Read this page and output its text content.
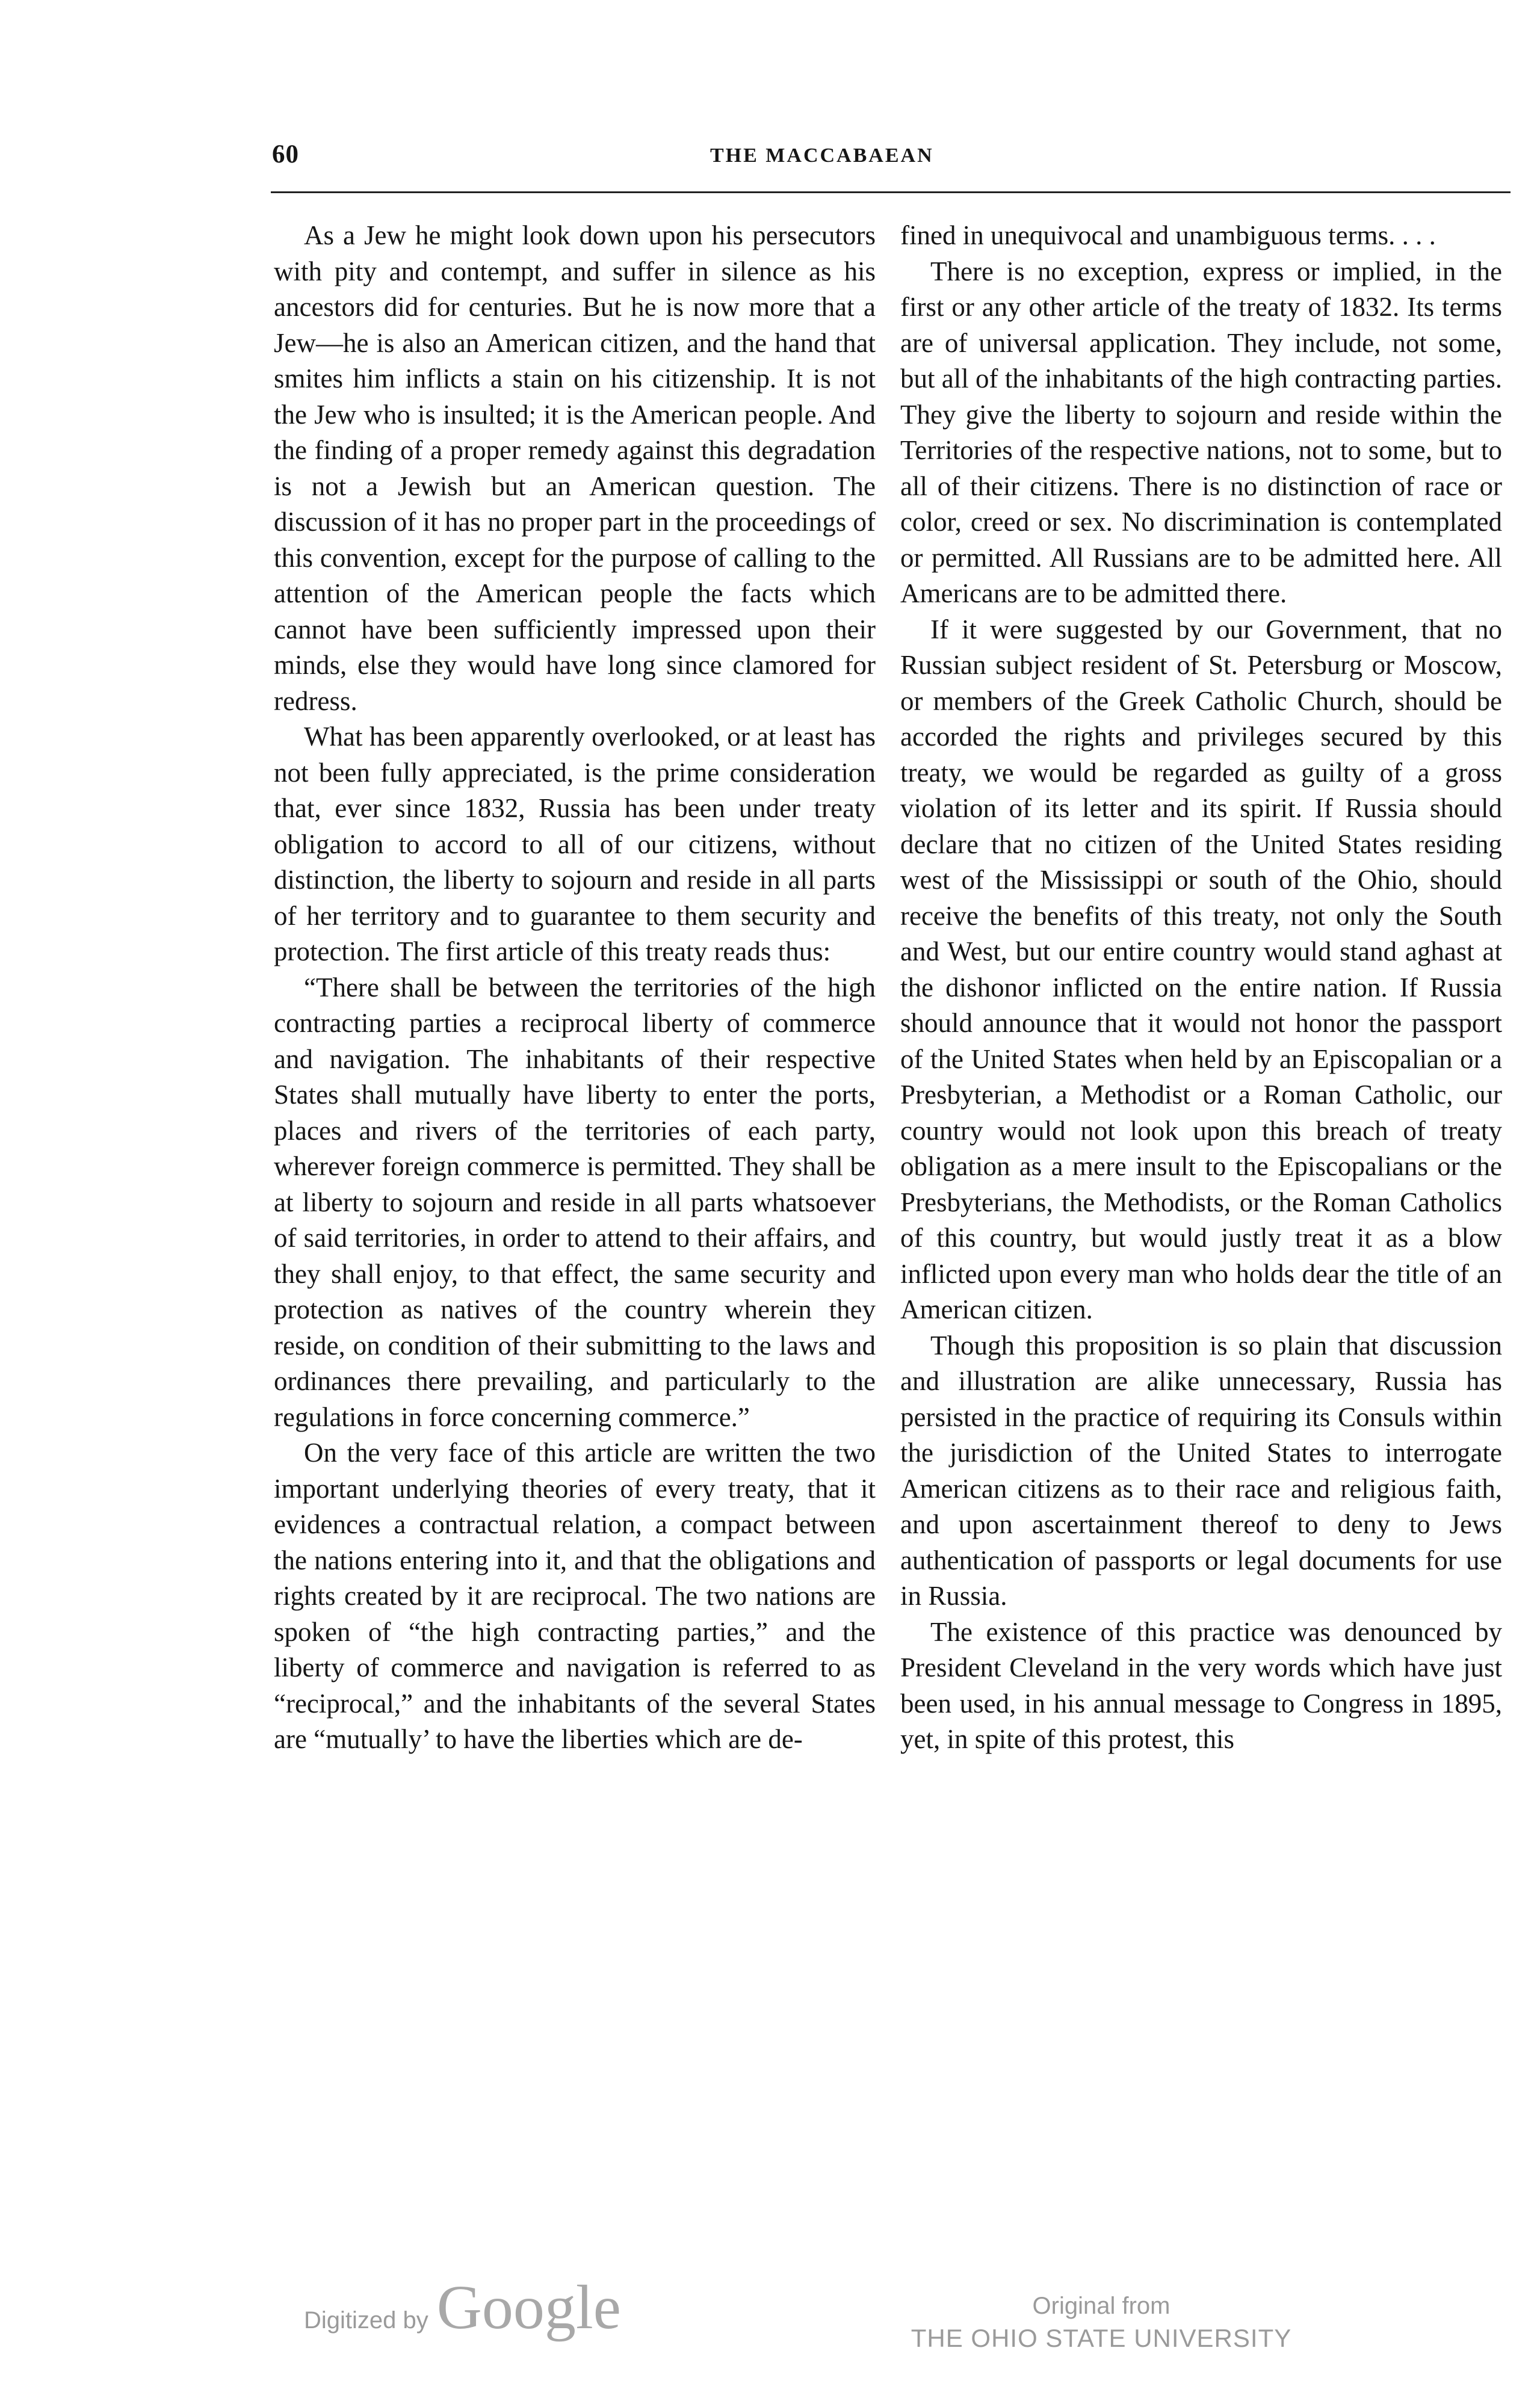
60	THE MACCABAEAN

As a Jew he might look down upon his persecutors with pity and contempt, and suffer in silence as his ancestors did for centuries. But he is now more that a Jew—he is also an American citizen, and the hand that smites him inflicts a stain on his citizenship. It is not the Jew who is insulted; it is the American people. And the finding of a proper remedy against this degradation is not a Jewish but an American question. The discussion of it has no proper part in the proceedings of this convention, except for the purpose of calling to the attention of the American people the facts which cannot have been sufficiently impressed upon their minds, else they would have long since clamored for redress.

What has been apparently overlooked, or at least has not been fully appreciated, is the prime consideration that, ever since 1832, Russia has been under treaty obligation to accord to all of our citizens, without distinction, the liberty to sojourn and reside in all parts of her territory and to guarantee to them security and protection. The first article of this treaty reads thus:

“There shall be between the territories of the high contracting parties a reciprocal liberty of commerce and navigation. The inhabitants of their respective States shall mutually have liberty to enter the ports, places and rivers of the territories of each party, wherever foreign commerce is permitted. They shall be at liberty to sojourn and reside in all parts whatsoever of said territories, in order to attend to their affairs, and they shall enjoy, to that effect, the same security and protection as natives of the country wherein they reside, on condition of their submitting to the laws and ordinances there prevailing, and particularly to the regulations in force concerning commerce.”

On the very face of this article are written the two important underlying theories of every treaty, that it evidences a contractual relation, a compact between the nations entering into it, and that the obligations and rights created by it are reciprocal. The two nations are spoken of “the high contracting parties,” and the liberty of commerce and navigation is referred to as “reciprocal,” and the inhabitants of the several States are “mutually’ to have the liberties which are de-

fined in unequivocal and unambiguous terms. . . .

There is no exception, express or implied, in the first or any other article of the treaty of 1832. Its terms are of universal application. They include, not some, but all of the inhabitants of the high contracting parties. They give the liberty to sojourn and reside within the Territories of the respective nations, not to some, but to all of their citizens. There is no distinction of race or color, creed or sex. No discrimination is contemplated or permitted. All Russians are to be admitted here. All Americans are to be admitted there.

If it were suggested by our Government, that no Russian subject resident of St. Petersburg or Moscow, or members of the Greek Catholic Church, should be accorded the rights and privileges secured by this treaty, we would be regarded as guilty of a gross violation of its letter and its spirit. If Russia should declare that no citizen of the United States residing west of the Mississippi or south of the Ohio, should receive the benefits of this treaty, not only the South and West, but our entire country would stand aghast at the dishonor inflicted on the entire nation. If Russia should announce that it would not honor the passport of the United States when held by an Episcopalian or a Presbyterian, a Methodist or a Roman Catholic, our country would not look upon this breach of treaty obligation as a mere insult to the Episcopalians or the Presbyterians, the Methodists, or the Roman Catholics of this country, but would justly treat it as a blow inflicted upon every man who holds dear the title of an American citizen.

Though this proposition is so plain that discussion and illustration are alike unnecessary, Russia has persisted in the practice of requiring its Consuls within the jurisdiction of the United States to interrogate American citizens as to their race and religious faith, and upon ascertainment thereof to deny to Jews authentication of passports or legal documents for use in Russia.

The existence of this practice was denounced by President Cleveland in the very words which have just been used, in his annual message to Congress in 1895, yet, in spite of this protest, this

Digitized by Google	Original from
THE OHIO STATE UNIVERSITY
